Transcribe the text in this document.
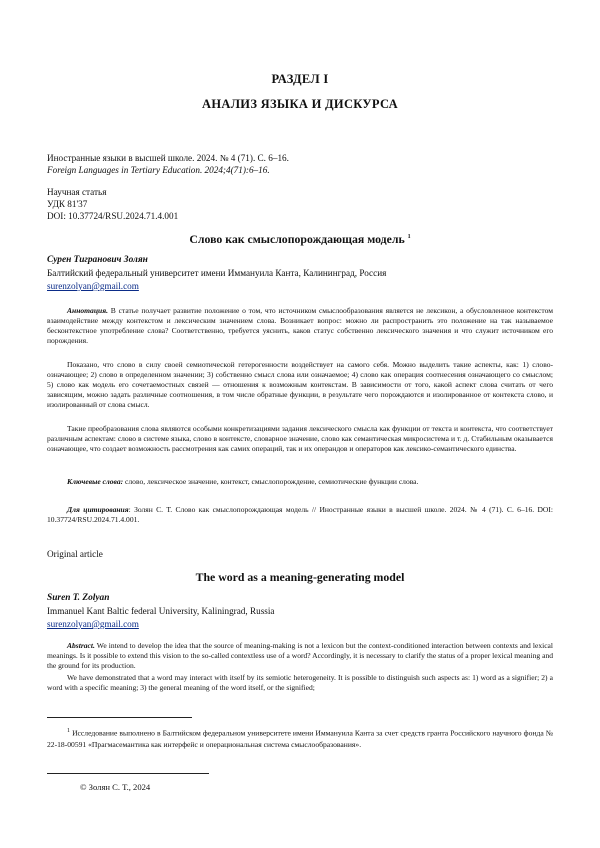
РАЗДЕЛ I
АНАЛИЗ ЯЗЫКА И ДИСКУРСА
Иностранные языки в высшей школе. 2024. № 4 (71). С. 6–16.
Foreign Languages in Tertiary Education. 2024;4(71):6–16.
Научная статья
УДК 81'37
DOI: 10.37724/RSU.2024.71.4.001
Слово как смыслопорождающая модель $^1$
Сурен Тигранович Золян
Балтийский федеральный университет имени Иммануила Канта, Калининград, Россия
surenzolyan@gmail.com
Аннотация. В статье получает развитие положение о том, что источником смыслообразования является не лексикон, а обусловленное контекстом взаимодействие между контекстом и лексическим значением слова. Возникает вопрос: можно ли распространить это положение на так называемое бесконтекстное употребление слова? Соответственно, требуется уяснить, каков статус собственно лексического значения и что служит источником его порождения.
Показано, что слово в силу своей семиотической гетерогенности воздействует на самого себя. Можно выделить такие аспекты, как: 1) слово-означающее; 2) слово в определенном значении; 3) собственно смысл слова или означаемое; 4) слово как операция соотнесения означающего со смыслом; 5) слово как модель его сочетаемостных связей — отношения к возможным контекстам. В зависимости от того, какой аспект слова считать от чего зависящим, можно задать различные соотношения, в том числе обратные функции, в результате чего порождаются и изолированное от контекста слово, и изолированный от слова смысл.
Такие преобразования слова являются особыми конкретизациями задания лексического смысла как функции от текста и контекста, что соответствует различным аспектам: слово в системе языка, слово в контексте, словарное значение, слово как семантическая микросистема и т. д. Стабильным оказывается означающее, что создает возможность рассмотрения как самих операций, так и их операндов и операторов как лексико-семантического единства.
Ключевые слова: слово, лексическое значение, контекст, смыслопорождение, семиотические функции слова.
Для цитирования: Золян С. Т. Слово как смыслопорождающая модель // Иностранные языки в высшей школе. 2024. № 4 (71). С. 6–16. DOI: 10.37724/RSU.2024.71.4.001.
Original article
The word as a meaning-generating model
Suren T. Zolyan
Immanuel Kant Baltic federal University, Kaliningrad, Russia
surenzolyan@gmail.com
Abstract. We intend to develop the idea that the source of meaning-making is not a lexicon but the context-conditioned interaction between contexts and lexical meanings. Is it possible to extend this vision to the so-called contextless use of a word? Accordingly, it is necessary to clarify the status of a proper lexical meaning and the ground for its production.
We have demonstrated that a word may interact with itself by its semiotic heterogeneity. It is possible to distinguish such aspects as: 1) word as a signifier; 2) a word with a specific meaning; 3) the general meaning of the word itself, or the signified;
$^1$ Исследование выполнено в Балтийском федеральном университете имени Иммануила Канта за счет средств гранта Российского научного фонда № 22-18-00591 «Прагмасемантика как интерфейс и операциональная система смыслообразования».
© Золян С. Т., 2024
